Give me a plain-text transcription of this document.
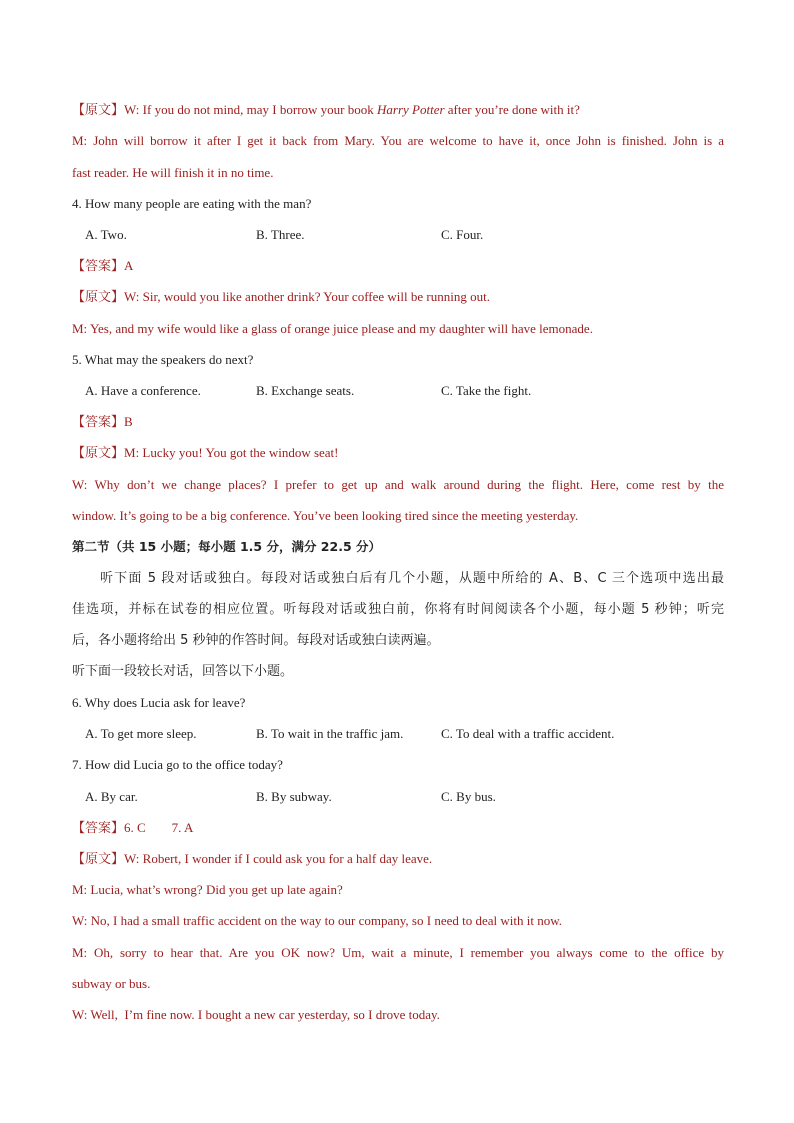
【原文】W: If you do not mind, may I borrow your book Harry Potter after you’re done with it?
M: John will borrow it after I get it back from Mary. You are welcome to have it, once John is finished. John is a
fast reader. He will finish it in no time.
4. How many people are eating with the man?
A. Two.	B. Three.	C. Four.
【答案】A
【原文】W: Sir, would you like another drink? Your coffee will be running out.
M: Yes, and my wife would like a glass of orange juice please and my daughter will have lemonade.
5. What may the speakers do next?
A. Have a conference.	B. Exchange seats.	C. Take the fight.
【答案】B
【原文】M: Lucky you! You got the window seat!
W: Why don’t we change places? I prefer to get up and walk around during the flight. Here, come rest by the
window. It’s going to be a big conference. You’ve been looking tired since the meeting yesterday.
第二节（共 15 小题；每小题 1.5 分，满分 22.5 分）
听下面 5 段对话或独白。每段对话或独白后有几个小题，从题中所给的 A、B、C 三个选项中选出最
佳选项，并标在试卷的相应位置。听每段对话或独白前，你将有时间阅读各个小题，每小题 5 秒钟；听完
后，各小题将给出 5 秒钟的作答时间。每段对话或独白读两遍。
听下面一段较长对话，回答以下小题。
6. Why does Lucia ask for leave?
A. To get more sleep.	B. To wait in the traffic jam.	C. To deal with a traffic accident.
7. How did Lucia go to the office today?
A. By car.	B. By subway.	C. By bus.
【答案】6. C        7. A
【原文】W: Robert, I wonder if I could ask you for a half day leave.
M: Lucia, what’s wrong? Did you get up late again?
W: No, I had a small traffic accident on the way to our company, so I need to deal with it now.
M: Oh, sorry to hear that. Are you OK now? Um, wait a minute, I remember you always come to the office by
subway or bus.
W: Well,  I’m fine now. I bought a new car yesterday, so I drove today.
